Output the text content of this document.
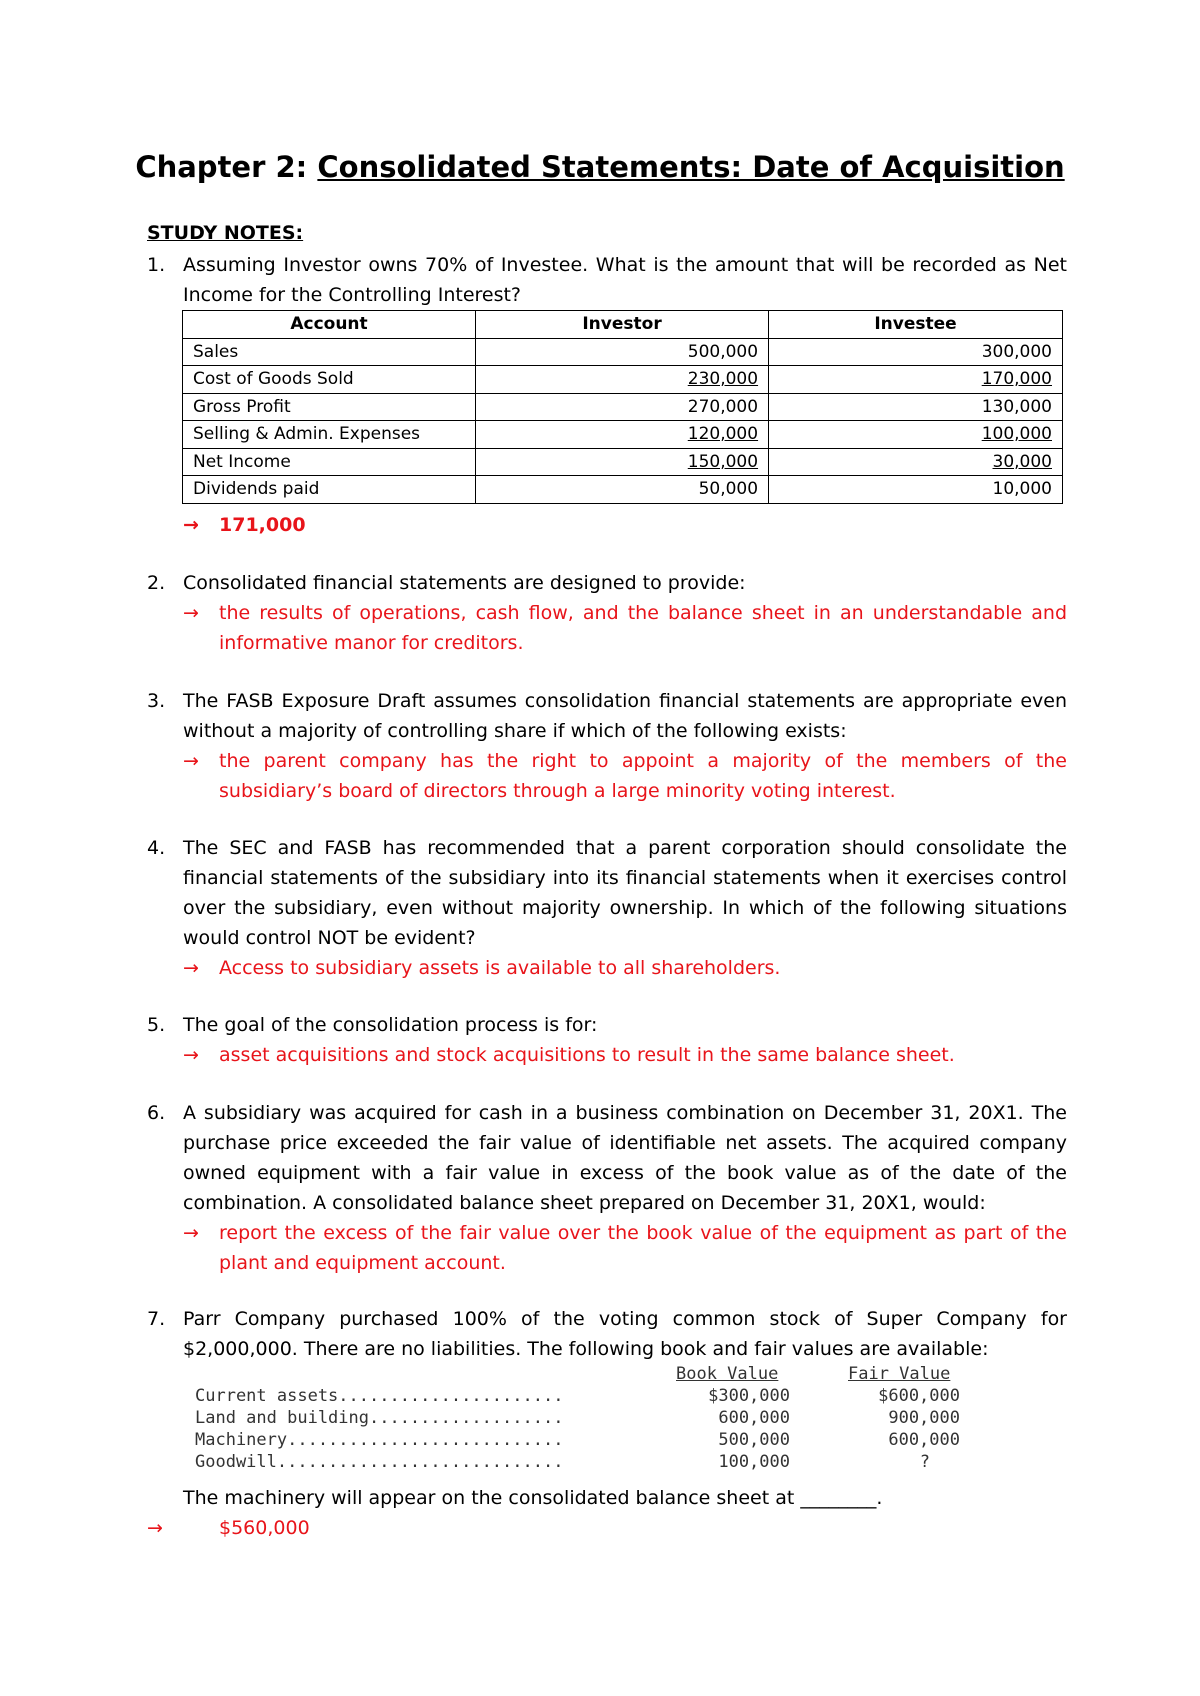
Chapter 2: Consolidated Statements: Date of Acquisition
STUDY NOTES:
1. Assuming Investor owns 70% of Investee. What is the amount that will be recorded as Net Income for the Controlling Interest?
Account	Investor	Investee
Sales	500,000	300,000
Cost of Goods Sold	230,000	170,000
Gross Profit	270,000	130,000
Selling & Admin. Expenses	120,000	100,000
Net Income	150,000	30,000
Dividends paid	50,000	10,000
→ 171,000
2. Consolidated financial statements are designed to provide:
→ the results of operations, cash flow, and the balance sheet in an understandable and informative manor for creditors.
3. The FASB Exposure Draft assumes consolidation financial statements are appropriate even without a majority of controlling share if which of the following exists:
→ the parent company has the right to appoint a majority of the members of the subsidiary’s board of directors through a large minority voting interest.
4. The SEC and FASB has recommended that a parent corporation should consolidate the financial statements of the subsidiary into its financial statements when it exercises control over the subsidiary, even without majority ownership. In which of the following situations would control NOT be evident?
→ Access to subsidiary assets is available to all shareholders.
5. The goal of the consolidation process is for:
→ asset acquisitions and stock acquisitions to result in the same balance sheet.
6. A subsidiary was acquired for cash in a business combination on December 31, 20X1. The purchase price exceeded the fair value of identifiable net assets. The acquired company owned equipment with a fair value in excess of the book value as of the date of the combination. A consolidated balance sheet prepared on December 31, 20X1, would:
→ report the excess of the fair value over the book value of the equipment as part of the plant and equipment account.
7. Parr Company purchased 100% of the voting common stock of Super Company for $2,000,000. There are no liabilities. The following book and fair values are available:
Book Value	Fair Value
Current assets......................	$300,000	$600,000
Land and building...................	600,000	900,000
Machinery...........................	500,000	600,000
Goodwill............................	100,000	?
The machinery will appear on the consolidated balance sheet at ________.
→	$560,000
